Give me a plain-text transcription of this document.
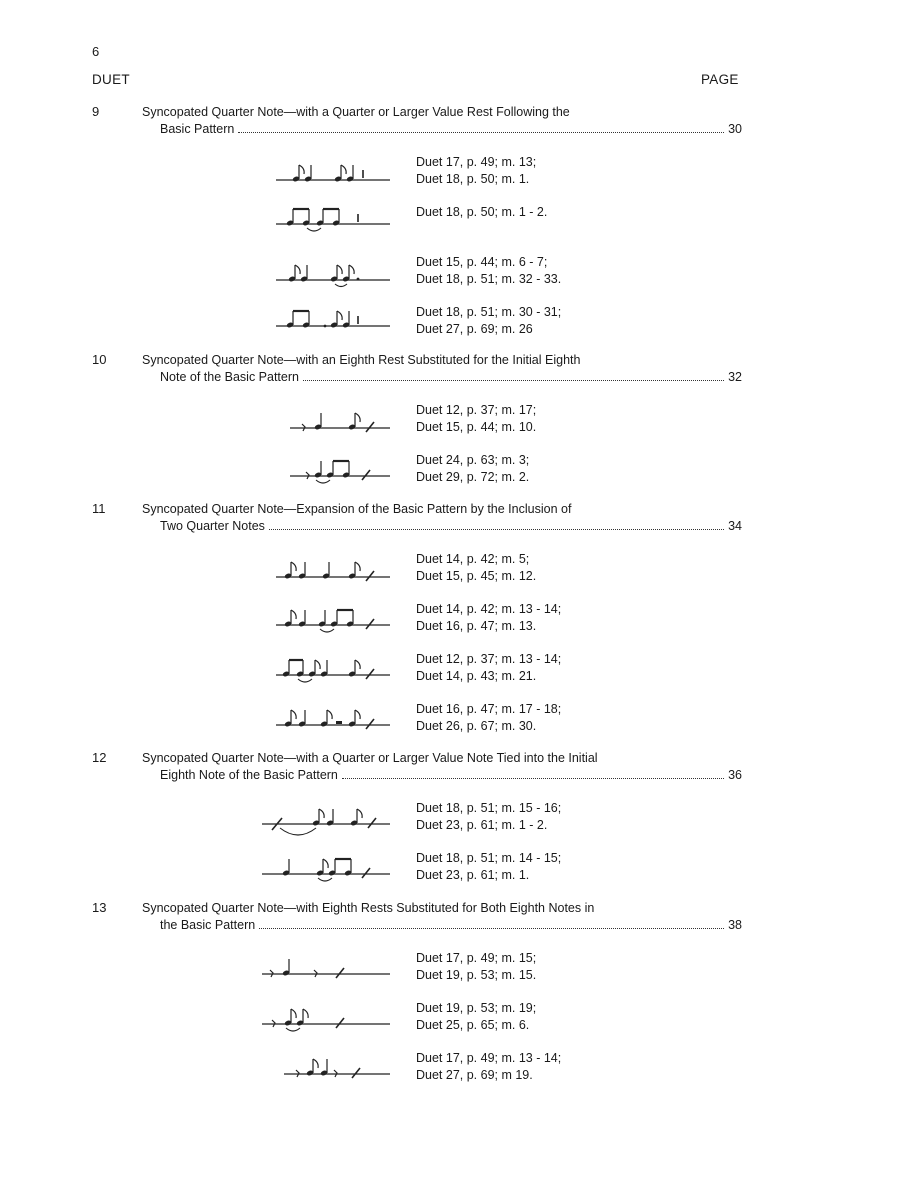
6
DUET	PAGE
9	Syncopated Quarter Note—with a Quarter or Larger Value Rest Following the
Basic Pattern	30
Duet 17, p. 49; m. 13;
Duet 18, p. 50; m. 1.
Duet 18, p. 50; m. 1 - 2.
Duet 15, p. 44; m. 6 - 7;
Duet 18, p. 51; m. 32 - 33.
Duet 18, p. 51; m. 30 - 31;
Duet 27, p. 69; m. 26
10	Syncopated Quarter Note—with an Eighth Rest Substituted for the Initial Eighth
Note of the Basic Pattern	32
Duet 12, p. 37; m. 17;
Duet 15, p. 44; m. 10.
Duet 24, p. 63; m. 3;
Duet 29, p. 72; m. 2.
11	Syncopated Quarter Note—Expansion of the Basic Pattern by the Inclusion of
Two Quarter Notes	34
Duet 14, p. 42; m. 5;
Duet 15, p. 45; m. 12.
Duet 14, p. 42; m. 13 - 14;
Duet 16, p. 47; m. 13.
Duet 12, p. 37; m. 13 - 14;
Duet 14, p. 43; m. 21.
Duet 16, p. 47; m. 17 - 18;
Duet 26, p. 67; m. 30.
12	Syncopated Quarter Note—with a Quarter or Larger Value Note Tied into the Initial
Eighth Note of the Basic Pattern	36
Duet 18, p. 51; m. 15 - 16;
Duet 23, p. 61; m. 1 - 2.
Duet 18, p. 51; m. 14 - 15;
Duet 23, p. 61; m. 1.
13	Syncopated Quarter Note—with Eighth Rests Substituted for Both Eighth Notes in
the Basic Pattern	38
Duet 17, p. 49; m. 15;
Duet 19, p. 53; m. 15.
Duet 19, p. 53; m. 19;
Duet 25, p. 65; m. 6.
Duet 17, p. 49; m. 13 - 14;
Duet 27, p. 69; m 19.
